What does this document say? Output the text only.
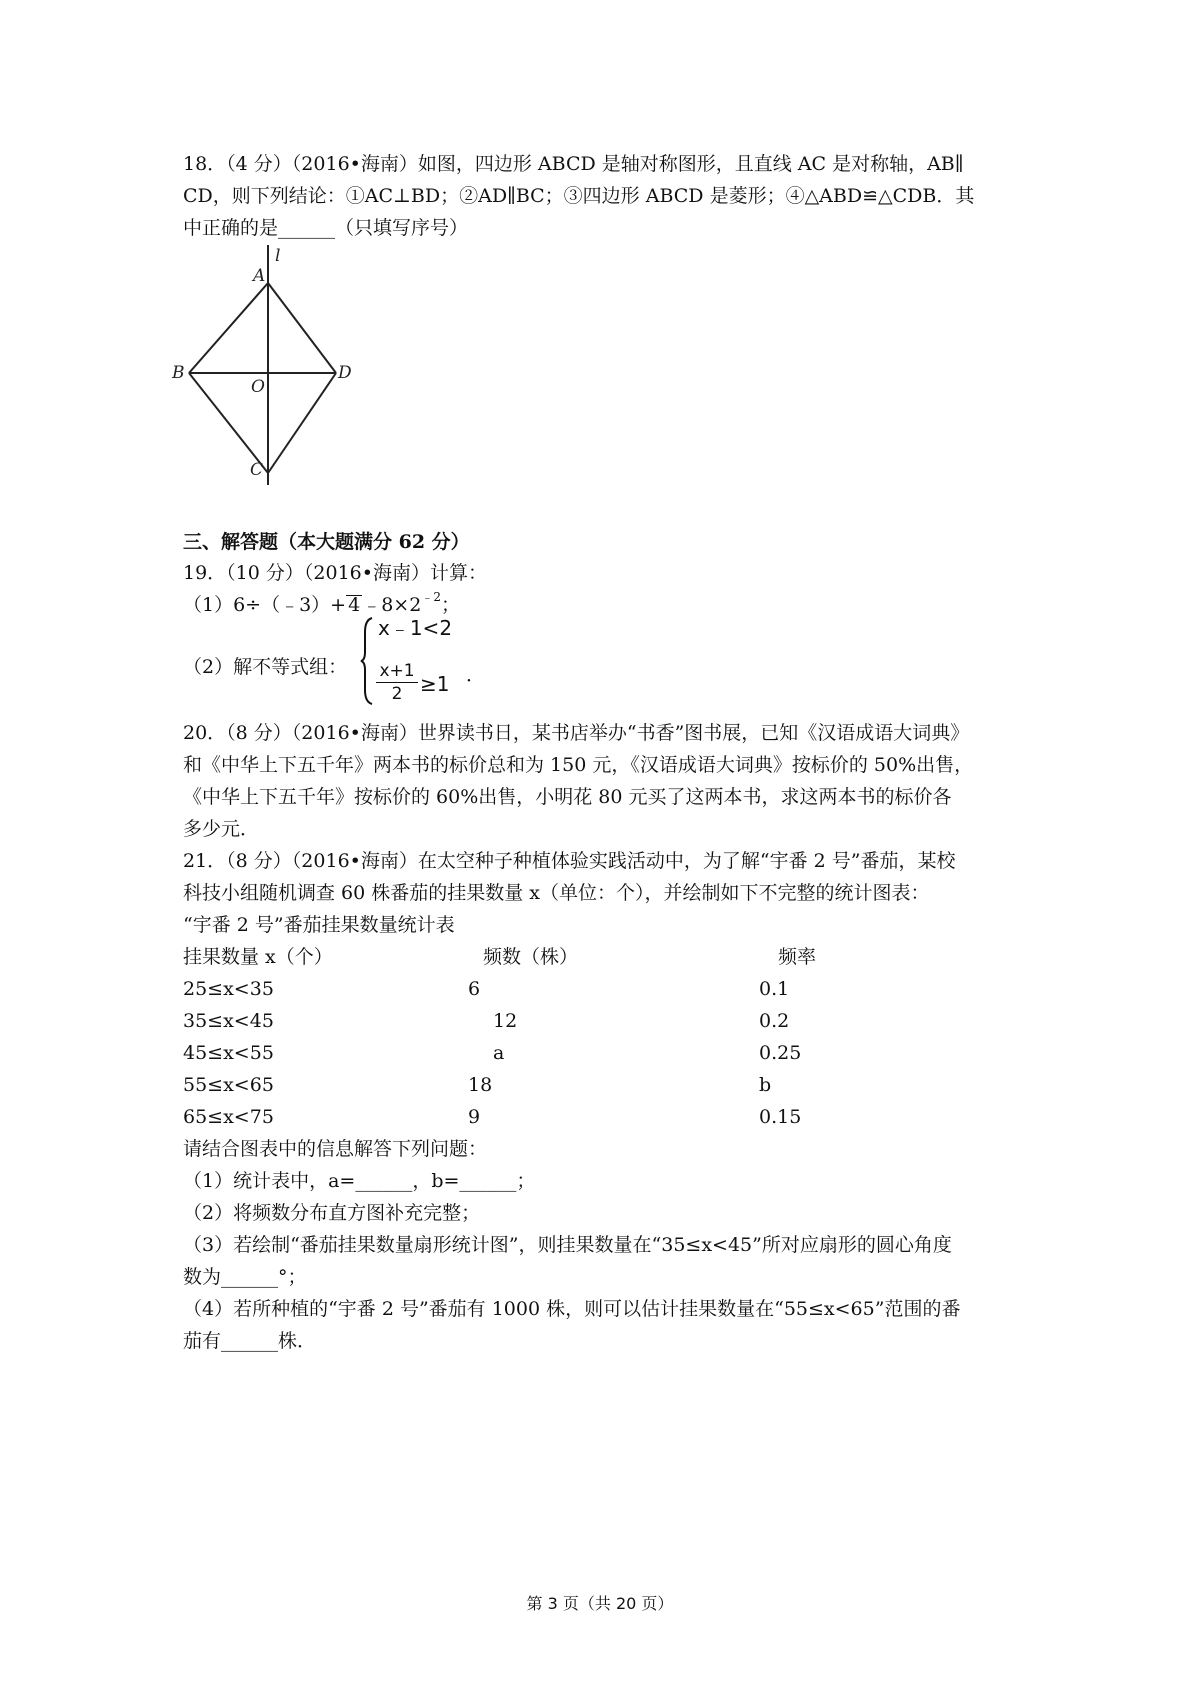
18．（4 分）（2016•海南）如图，四边形 ABCD 是轴对称图形，且直线 AC 是对称轴，AB∥
CD，则下列结论：①AC⊥BD；②AD∥BC；③四边形 ABCD 是菱形；④△ABD≌△CDB．其
中正确的是______（只填写序号）
A
l
B	D
O
C
三、解答题（本大题满分 62 分）
19．（10 分）（2016•海南）计算：
（1）6÷（﹣3）+ 4 $﹣8\times 2^{﹣2}$；
（2）解不等式组：
x﹣1<2
$\frac{x+1}{2} \ge 1$ ．
20．（8 分）（2016•海南）世界读书日，某书店举办“书香”图书展，已知《汉语成语大词典》
和《中华上下五千年》两本书的标价总和为 150 元，《汉语成语大词典》按标价的 50%出售，
《中华上下五千年》按标价的 60%出售，小明花 80 元买了这两本书，求这两本书的标价各
多少元．
21．（8 分）（2016•海南）在太空种子种植体验实践活动中，为了解“宇番 2 号”番茄，某校
科技小组随机调查 60 株番茄的挂果数量 x（单位：个），并绘制如下不完整的统计图表：
“宇番 2 号”番茄挂果数量统计表
挂果数量 x（个）	频数（株）	频率
25≤x<35	6	0.1
35≤x<45	12	0.2
45≤x<55	a	0.25
55≤x<65	18	b
65≤x<75	9	0.15
请结合图表中的信息解答下列问题：
（1）统计表中，a=______，b=______；
（2）将频数分布直方图补充完整；
（3）若绘制“番茄挂果数量扇形统计图”，则挂果数量在“35≤x<45”所对应扇形的圆心角度
数为______°；
（4）若所种植的“宇番 2 号”番茄有 1000 株，则可以估计挂果数量在“55≤x<65”范围的番
茄有______株．
第 3 页（共 20 页）
